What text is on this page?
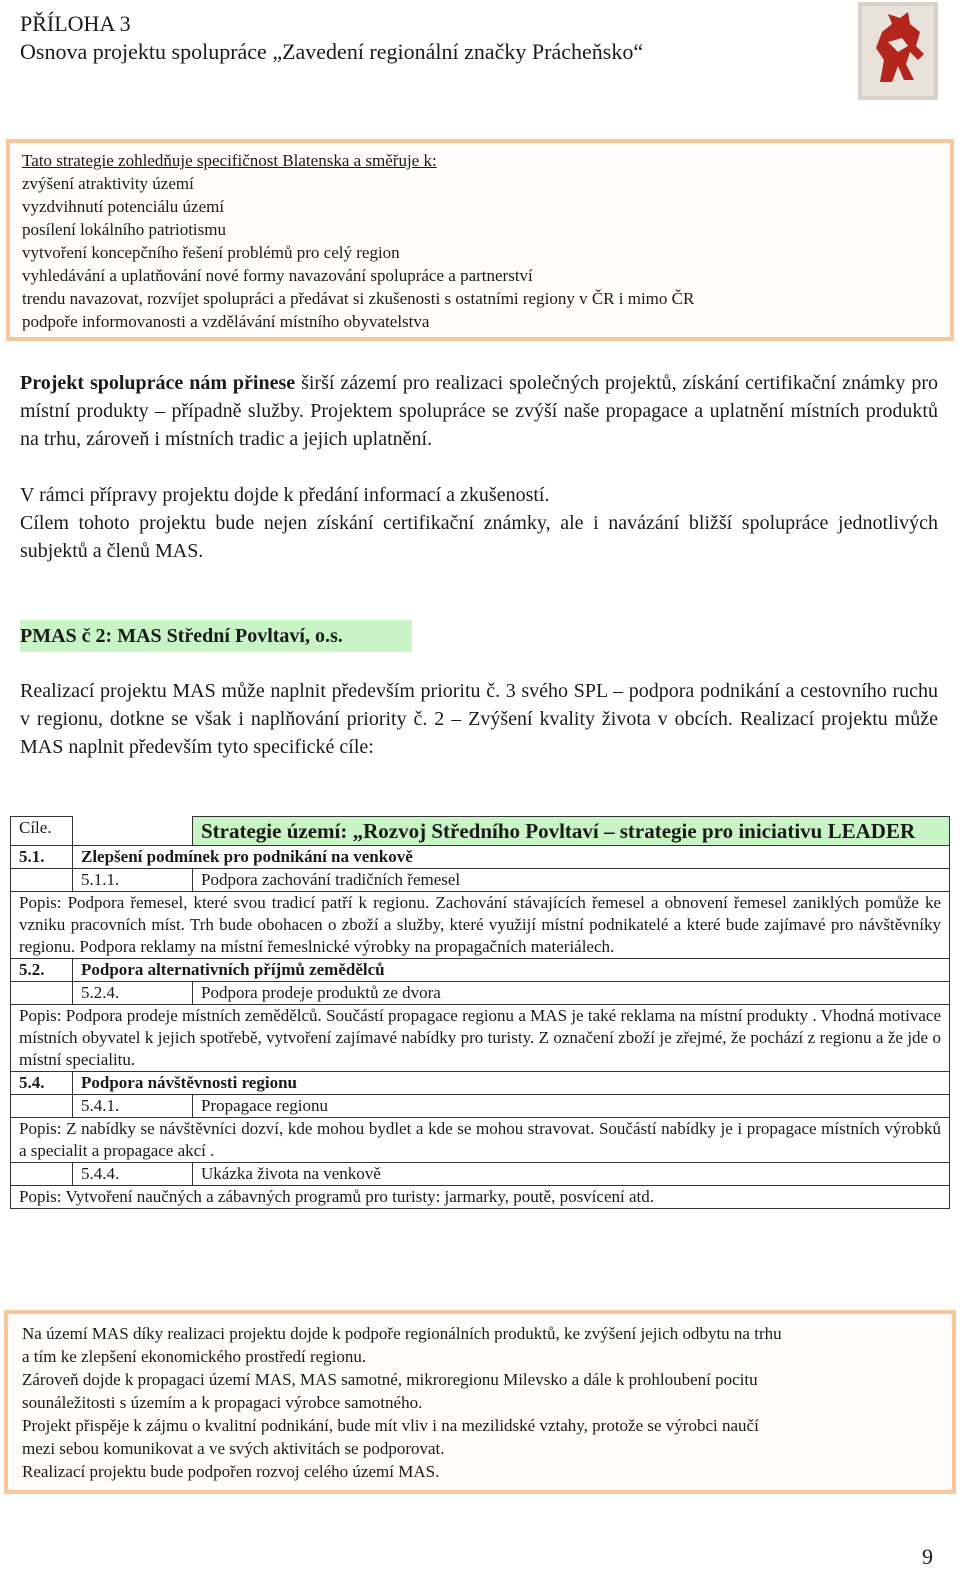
PŘÍLOHA 3
Osnova projektu spolupráce „Zavedení regionální značky Prácheňsko“
Tato strategie zohledňuje specifičnost Blatenska a směřuje k:
zvýšení atraktivity území
vyzdvihnutí potenciálu území
posílení lokálního patriotismu
vytvoření koncepčního řešení problémů pro celý region
vyhledávání a uplatňování nové formy navazování spolupráce a partnerství
trendu navazovat, rozvíjet spolupráci a předávat si zkušenosti s ostatními regiony v ČR i mimo ČR
podpoře informovanosti a vzdělávání místního obyvatelstva
Projekt spolupráce nám přinese širší zázemí pro realizaci společných projektů, získání certifikační známky pro místní produkty – případně služby. Projektem spolupráce se zvýší naše propagace a uplatnění místních produktů na trhu, zároveň i místních tradic a jejich uplatnění.
V rámci přípravy projektu dojde k předání informací a zkušeností.
Cílem tohoto projektu bude nejen získání certifikační známky, ale i navázání bližší spolupráce jednotlivých subjektů a členů MAS.
PMAS č 2: MAS Střední Povltaví, o.s.
Realizací projektu MAS může naplnit především prioritu č. 3 svého SPL – podpora podnikání a cestovního ruchu v regionu, dotkne se však i naplňování priority č. 2 – Zvýšení kvality života v obcích. Realizací projektu může MAS naplnit především tyto specifické cíle:
Cíle.		Strategie území: „Rozvoj Středního Povltaví – strategie pro iniciativu LEADER
5.1.	Zlepšení podmínek pro podnikání na venkově	
	5.1.1.	Podpora zachování tradičních řemesel
Popis: Podpora řemesel, které svou tradicí patří k regionu. Zachování stávajících řemesel a obnovení řemesel zaniklých pomůže ke vzniku pracovních míst. Trh bude obohacen o zboží a služby, které využijí místní podnikatelé a které bude zajímavé pro návštěvníky regionu. Podpora reklamy na místní řemeslnické výrobky na propagačních materiálech.		
5.2.	Podpora alternativních příjmů zemědělců	
	5.2.4.	Podpora prodeje produktů ze dvora
Popis: Podpora prodeje místních zemědělců. Součástí propagace regionu a MAS je také reklama na místní produkty . Vhodná motivace místních obyvatel k jejich spotřebě, vytvoření zajímavé nabídky pro turisty. Z označení zboží je zřejmé, že pochází z regionu a že jde o místní specialitu.		
5.4.	Podpora návštěvnosti regionu	
	5.4.1.	Propagace regionu
Popis: Z nabídky se návštěvníci dozví, kde mohou bydlet a kde se mohou stravovat. Součástí nabídky je i propagace místních výrobků a specialit a propagace akcí .		
	5.4.4.	Ukázka života na venkově
Popis: Vytvoření naučných a zábavných programů pro turisty: jarmarky, poutě, posvícení atd.		
Na území MAS díky realizaci projektu dojde k podpoře regionálních produktů, ke zvýšení jejich odbytu na trhu
a tím ke zlepšení ekonomického prostředí regionu.
Zároveň dojde k propagaci území MAS, MAS samotné, mikroregionu Milevsko a dále k prohloubení pocitu
sounáležitosti s územím a k propagaci výrobce samotného.
Projekt přispěje k zájmu o kvalitní podnikání, bude mít vliv i na mezilidské vztahy, protože se výrobci naučí
mezi sebou komunikovat a ve svých aktivitách se podporovat.
Realizací projektu bude podpořen rozvoj celého území MAS.
9
